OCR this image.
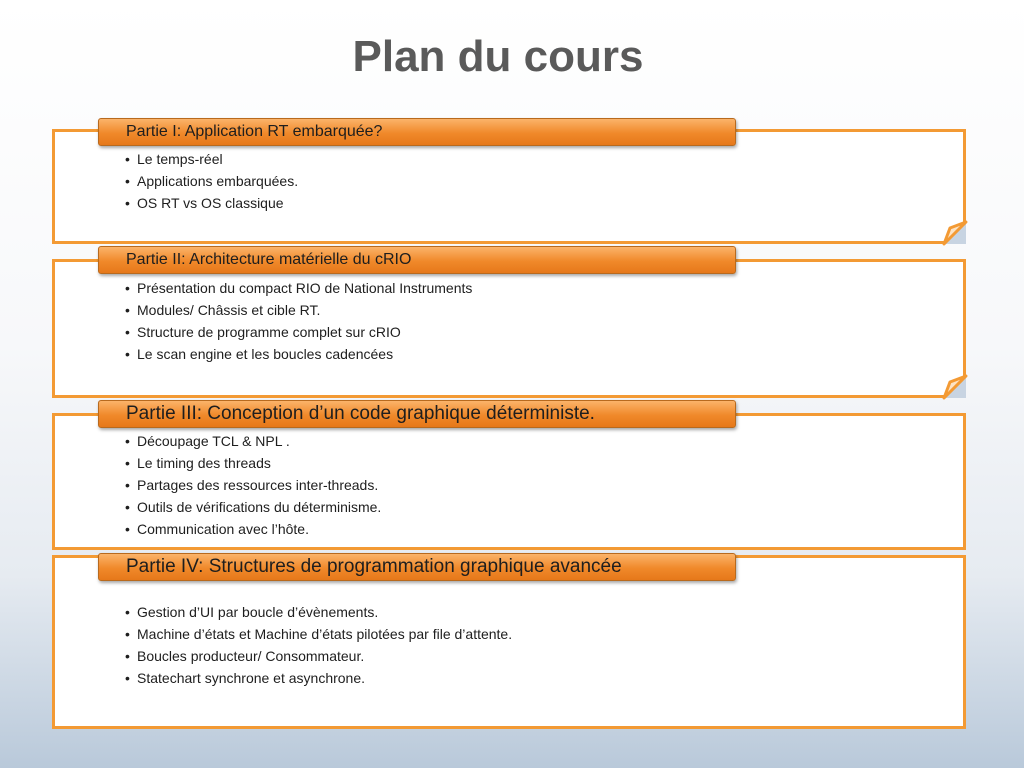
Plan du cours
Partie I: Application RT embarquée?
• Le temps-réel
• Applications embarquées.
• OS RT vs OS classique
Partie II: Architecture matérielle du cRIO
• Présentation du compact RIO de National Instruments
• Modules/ Châssis et cible RT.
• Structure de programme complet sur cRIO
• Le scan engine et les boucles cadencées
Partie III: Conception d’un code graphique déterministe.
• Découpage TCL & NPL .
• Le timing des threads
• Partages des ressources inter-threads.
• Outils de vérifications du déterminisme.
• Communication avec l’hôte.
Partie IV: Structures de programmation graphique avancée
• Gestion d’UI par boucle d’évènements.
• Machine d’états et Machine d’états pilotées par file d’attente.
• Boucles producteur/ Consommateur.
• Statechart synchrone et asynchrone.
